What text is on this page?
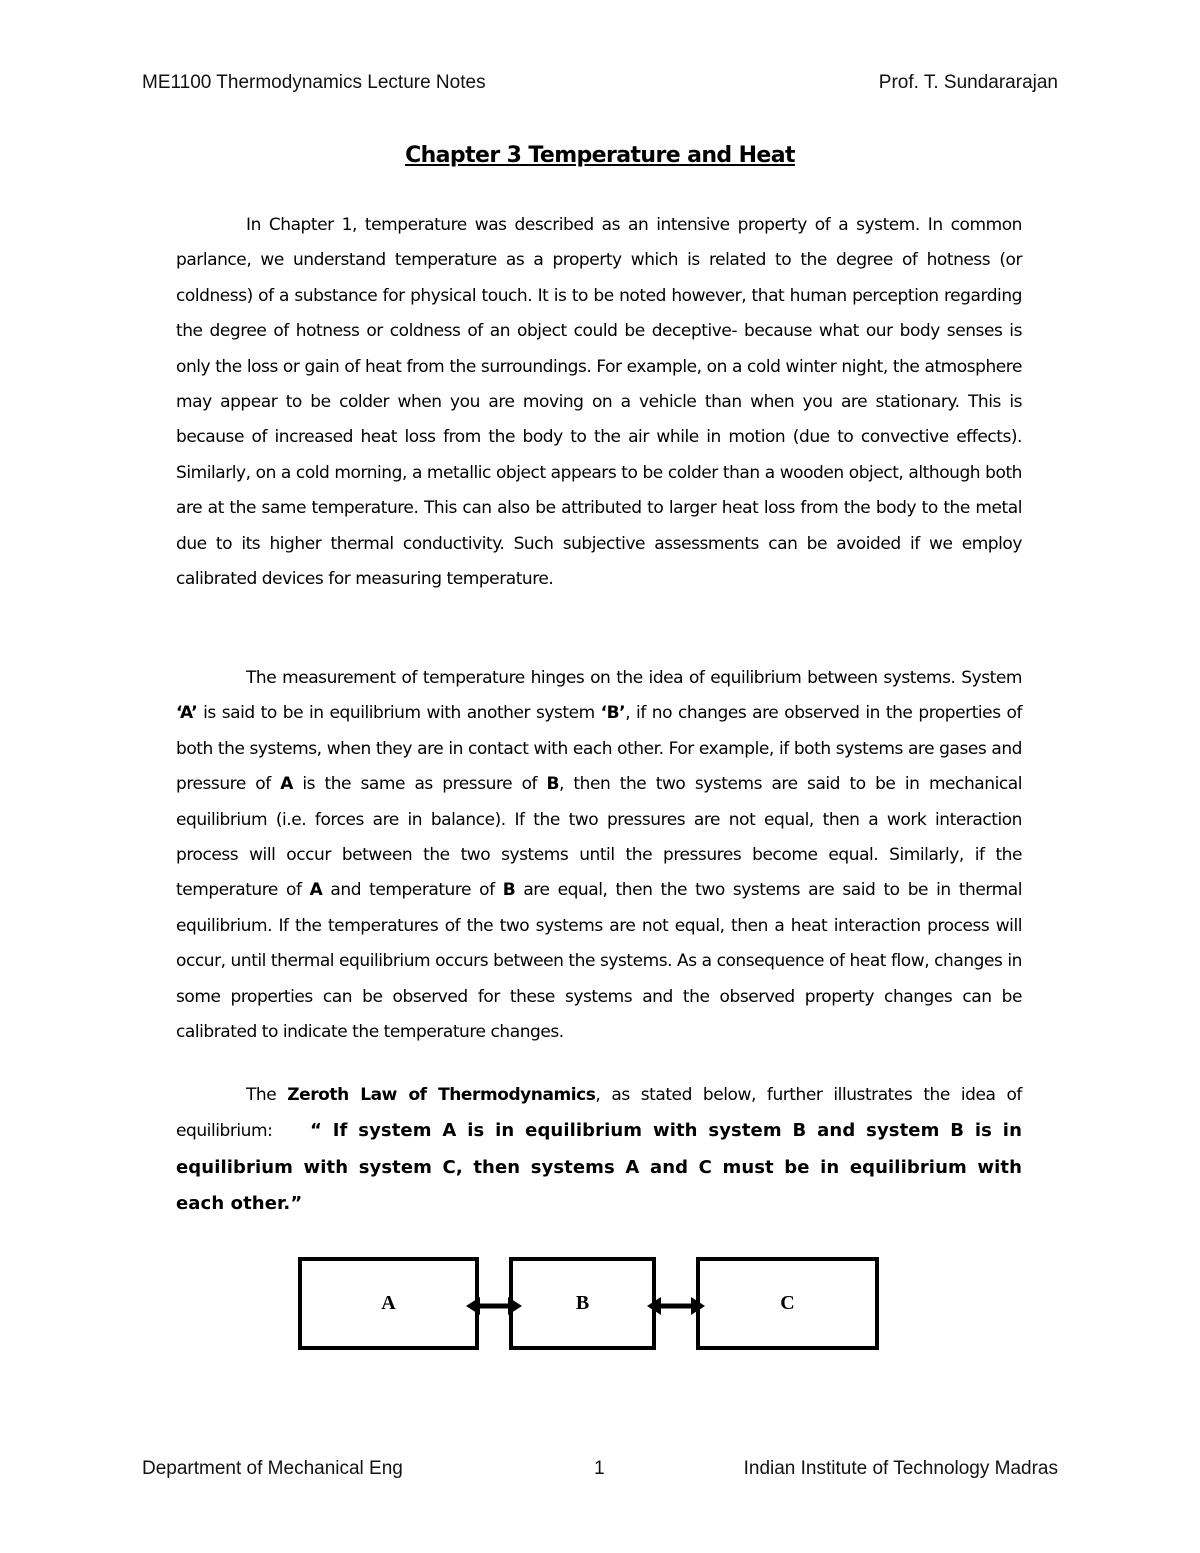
ME1100 Thermodynamics Lecture Notes	Prof. T. Sundararajan
Chapter 3 Temperature and Heat

In Chapter 1, temperature was described as an intensive property of a system. In common parlance, we understand temperature as a property which is related to the degree of hotness (or coldness) of a substance for physical touch. It is to be noted however, that human perception regarding the degree of hotness or coldness of an object could be deceptive- because what our body senses is only the loss or gain of heat from the surroundings. For example, on a cold winter night, the atmosphere may appear to be colder when you are moving on a vehicle than when you are stationary. This is because of increased heat loss from the body to the air while in motion (due to convective effects). Similarly, on a cold morning, a metallic object appears to be colder than a wooden object, although both are at the same temperature. This can also be attributed to larger heat loss from the body to the metal due to its higher thermal conductivity. Such subjective assessments can be avoided if we employ calibrated devices for measuring temperature.

The measurement of temperature hinges on the idea of equilibrium between systems. System ‘A’ is said to be in equilibrium with another system ‘B’, if no changes are observed in the properties of both the systems, when they are in contact with each other. For example, if both systems are gases and pressure of A is the same as pressure of B, then the two systems are said to be in mechanical equilibrium (i.e. forces are in balance). If the two pressures are not equal, then a work interaction process will occur between the two systems until the pressures become equal. Similarly, if the temperature of A and temperature of B are equal, then the two systems are said to be in thermal equilibrium. If the temperatures of the two systems are not equal, then a heat interaction process will occur, until thermal equilibrium occurs between the systems. As a consequence of heat flow, changes in some properties can be observed for these systems and the observed property changes can be calibrated to indicate the temperature changes.

The Zeroth Law of Thermodynamics, as stated below, further illustrates the idea of equilibrium: “ If system A is in equilibrium with system B and system B is in equilibrium with system C, then systems A and C must be in equilibrium with each other.”

A	B	C
Department of Mechanical Eng	1	Indian Institute of Technology Madras
